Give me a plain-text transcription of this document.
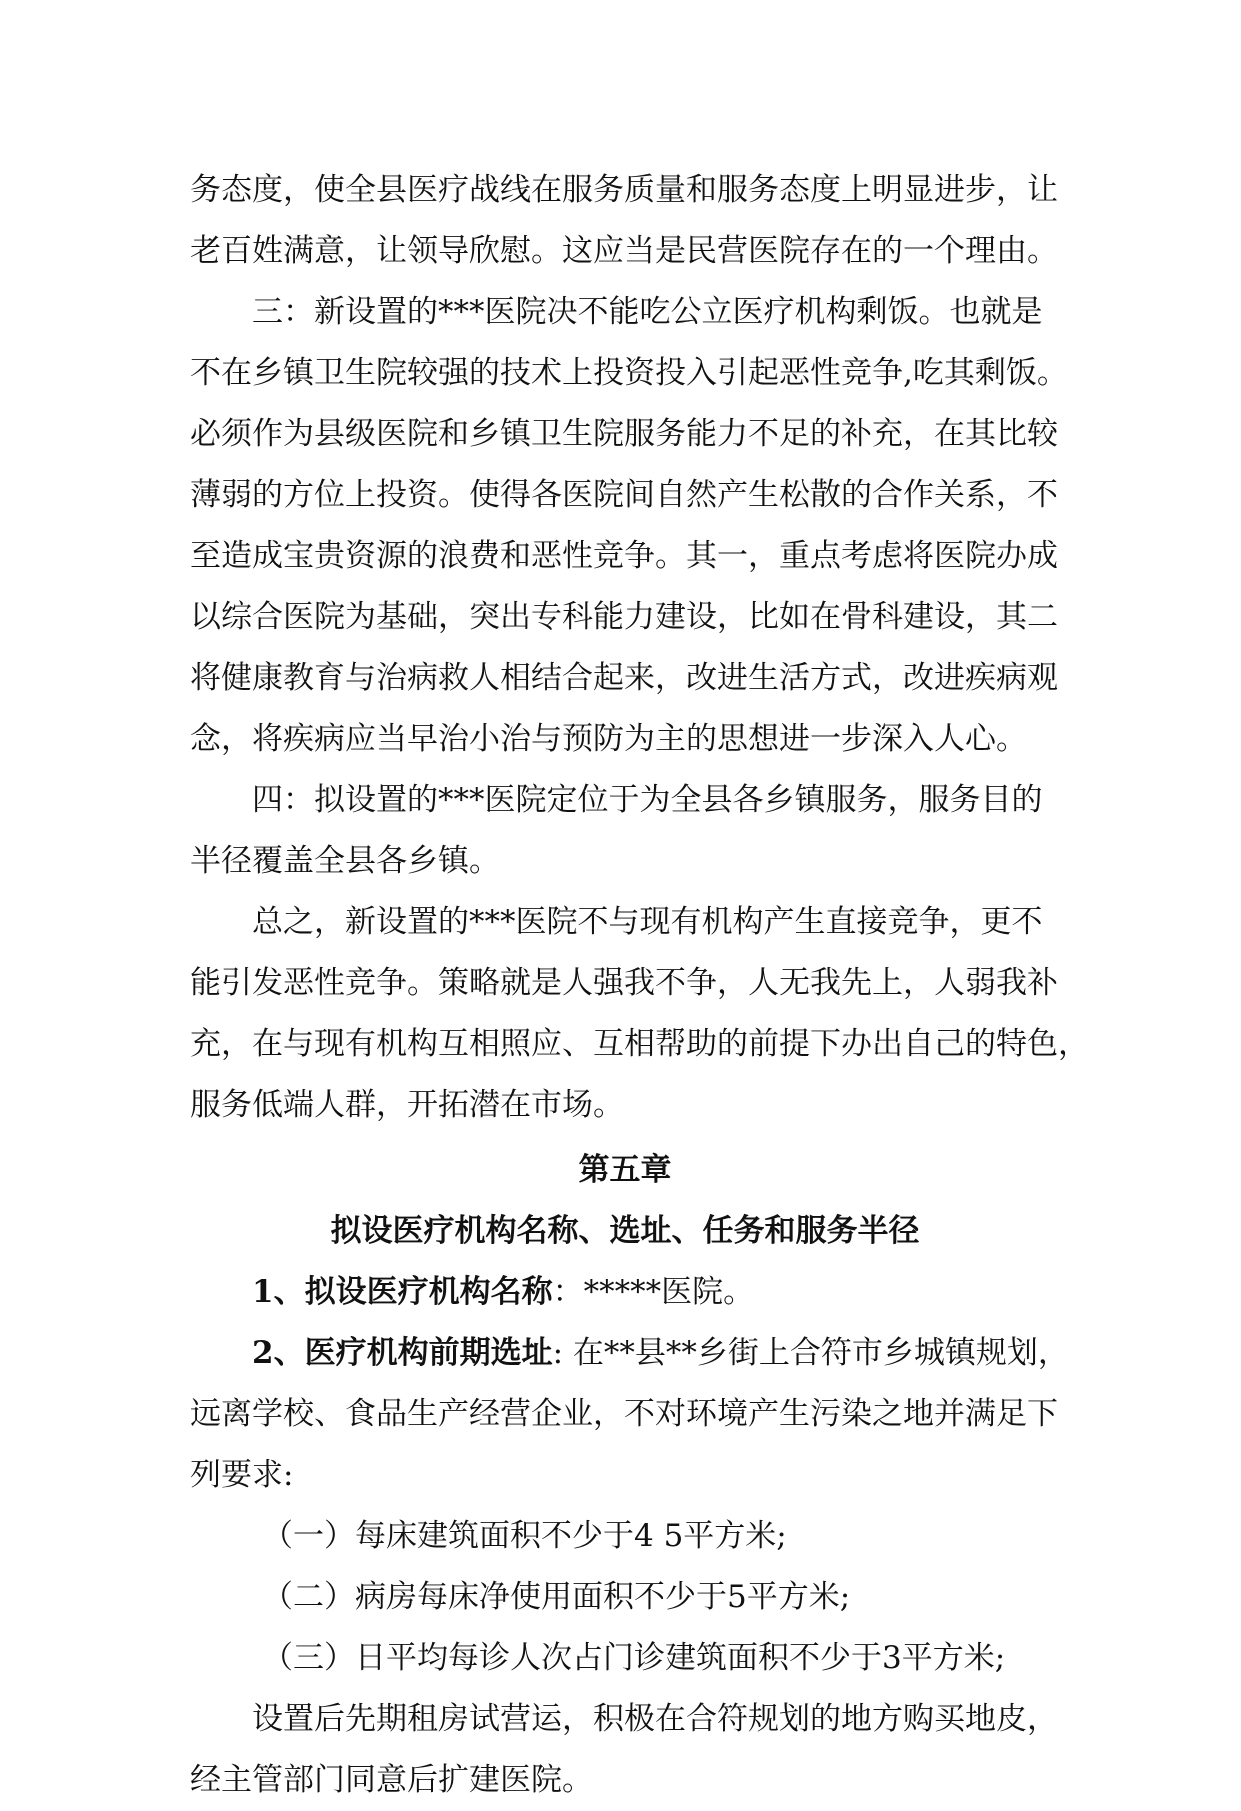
务态度，使全县医疗战线在服务质量和服务态度上明显进步，让

老百姓满意，让领导欣慰。这应当是民营医院存在的一个理由。

三：新设置的***医院决不能吃公立医疗机构剩饭。也就是

不在乡镇卫生院较强的技术上投资投入引起恶性竞争,吃其剩饭。

必须作为县级医院和乡镇卫生院服务能力不足的补充，在其比较

薄弱的方位上投资。使得各医院间自然产生松散的合作关系，不

至造成宝贵资源的浪费和恶性竞争。其一，重点考虑将医院办成

以综合医院为基础，突出专科能力建设，比如在骨科建设，其二

将健康教育与治病救人相结合起来，改进生活方式，改进疾病观

念，将疾病应当早治小治与预防为主的思想进一步深入人心。

四：拟设置的***医院定位于为全县各乡镇服务，服务目的

半径覆盖全县各乡镇。

总之，新设置的***医院不与现有机构产生直接竞争，更不

能引发恶性竞争。策略就是人强我不争，人无我先上，人弱我补

充，在与现有机构互相照应、互相帮助的前提下办出自己的特色，

服务低端人群，开拓潜在市场。

第五章

拟设医疗机构名称、选址、任务和服务半径

1、拟设医疗机构名称：*****医院。

2、医疗机构前期选址: 在**县**乡街上合符市乡城镇规划，

远离学校、食品生产经营企业，不对环境产生污染之地并满足下

列要求:

（一）每床建筑面积不少于4 5平方米;

（二）病房每床净使用面积不少于5平方米;

（三）日平均每诊人次占门诊建筑面积不少于3平方米;

设置后先期租房试营运，积极在合符规划的地方购买地皮，

经主管部门同意后扩建医院。
